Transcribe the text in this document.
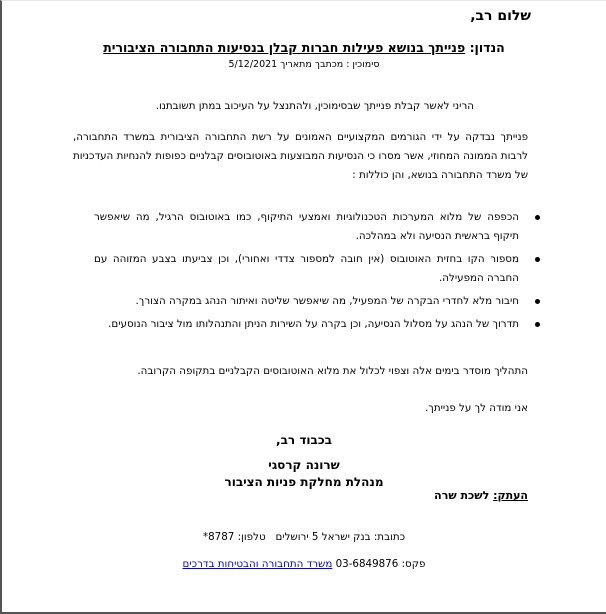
שלום רב,
הנדון: פנייתך בנושא פעילות חברות קבלן בנסיעות התחבורה הציבורית
סימוכין : מכתבך מתאריך 5/12/2021
הריני לאשר קבלת פנייתך שבסימוכין, ולהתנצל על העיכוב במתן תשובתנו.
פנייתך נבדקה על ידי הגורמים המקצועיים האמונים על רשת התחבורה הציבורית במשרד התחבורה, לרבות הממונה המחוזי, אשר מסרו כי הנסיעות המבוצעות באוטובוסים קבלניים כפופות להנחיות העדכניות של משרד התחבורה בנושא, והן כוללות :
הכפפה של מלוא המערכות הטכנולוגיות ואמצעי התיקוף, כמו באוטובוס הרגיל, מה שיאפשר תיקוף בראשית הנסיעה ולא במהלכה.
מספור הקו בחזית האוטובוס (אין חובה למספור צדדי ואחורי), וכן צביעתו בצבע המזוהה עם החברה המפעילה.
חיבור מלא לחדרי הבקרה של המפעיל, מה שיאפשר שליטה ואיתור הנהג במקרה הצורך.
תדרוך של הנהג על מסלול הנסיעה, וכן בקרה על השירות הניתן והתנהלותו מול ציבור הנוסעים.
התהליך מוסדר בימים אלה וצפוי לכלול את מלוא האוטובוסים הקבלניים בתקופה הקרובה.
אני מודה לך על פנייתך.
בכבוד רב,
שרונה קרסגי
מנהלת מחלקת פניות הציבור
העתק: לשכת שרה
כתובת: בנק ישראל 5 ירושלים   טלפון: 8787*
פקס: 03-6849876 משרד התחבורה והבטיחות בדרכים
